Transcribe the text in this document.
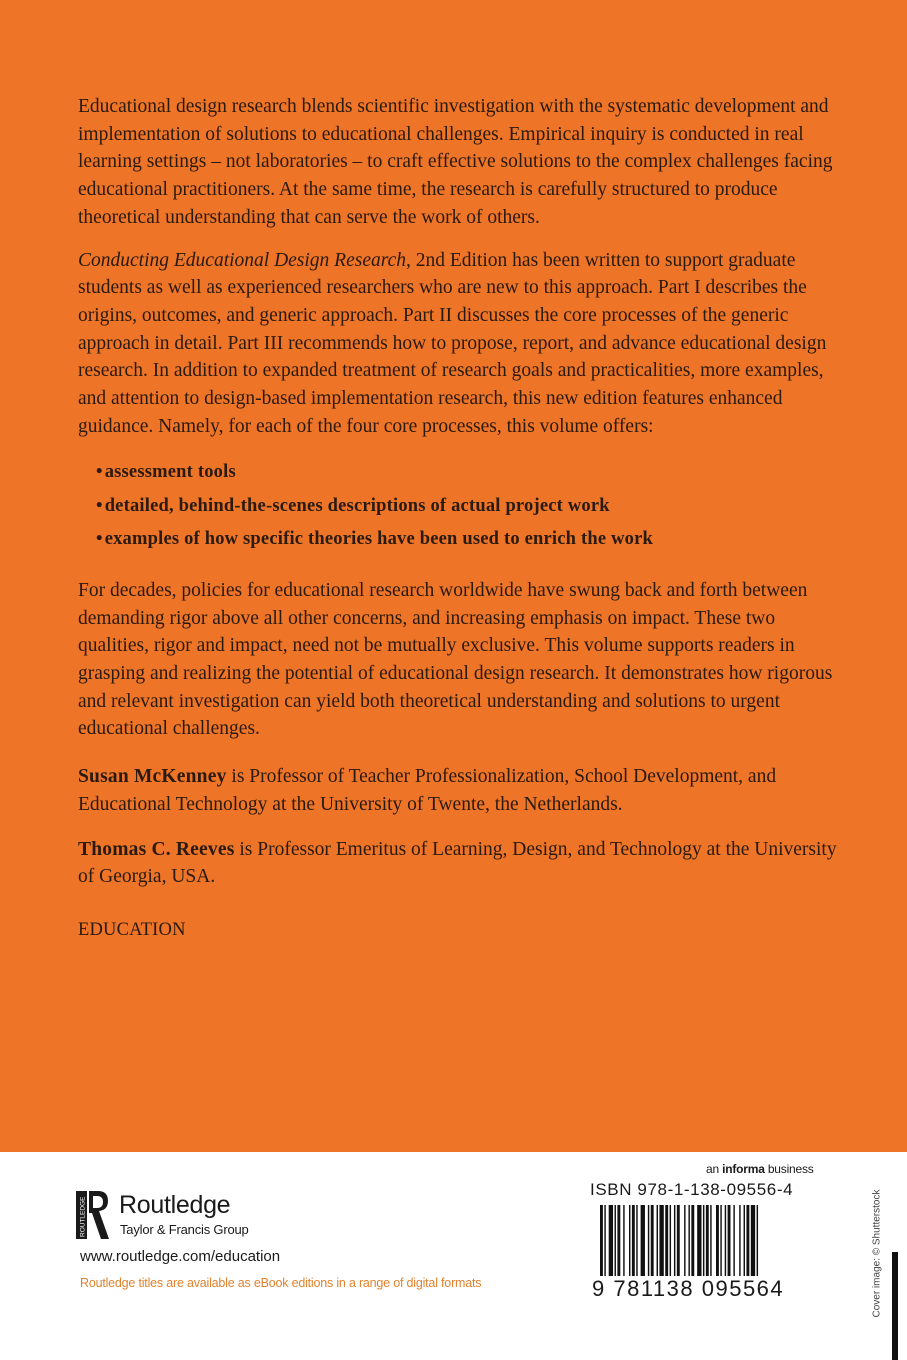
Educational design research blends scientific investigation with the systematic development and implementation of solutions to educational challenges. Empirical inquiry is conducted in real learning settings – not laboratories – to craft effective solutions to the complex challenges facing educational practitioners. At the same time, the research is carefully structured to produce theoretical understanding that can serve the work of others.

Conducting Educational Design Research, 2nd Edition has been written to support graduate students as well as experienced researchers who are new to this approach. Part I describes the origins, outcomes, and generic approach. Part II discusses the core processes of the generic approach in detail. Part III recommends how to propose, report, and advance educational design research. In addition to expanded treatment of research goals and practicalities, more examples, and attention to design-based implementation research, this new edition features enhanced guidance. Namely, for each of the four core processes, this volume offers:

• assessment tools
• detailed, behind-the-scenes descriptions of actual project work
• examples of how specific theories have been used to enrich the work

For decades, policies for educational research worldwide have swung back and forth between demanding rigor above all other concerns, and increasing emphasis on impact. These two qualities, rigor and impact, need not be mutually exclusive. This volume supports readers in grasping and realizing the potential of educational design research. It demonstrates how rigorous and relevant investigation can yield both theoretical understanding and solutions to urgent educational challenges.

Susan McKenney is Professor of Teacher Professionalization, School Development, and Educational Technology at the University of Twente, the Netherlands.

Thomas C. Reeves is Professor Emeritus of Learning, Design, and Technology at the University of Georgia, USA.

EDUCATION

ROUTLEDGE Routledge
Taylor & Francis Group
www.routledge.com/education
Routledge titles are available as eBook editions in a range of digital formats
an informa business
ISBN 978-1-138-09556-4
9 781138 095564	Cover image: © Shutterstock
